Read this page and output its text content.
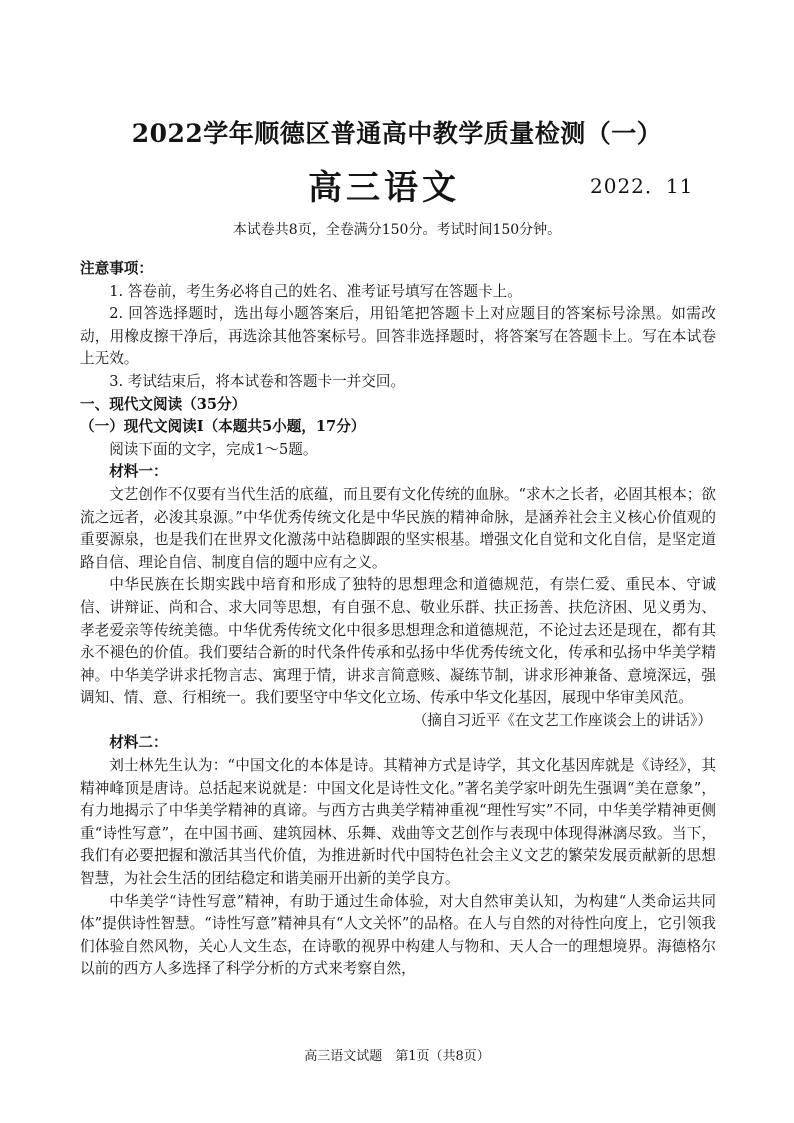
2022学年顺德区普通高中教学质量检测（一）
高三语文	2022．11
本试卷共8页，全卷满分150分。考试时间150分钟。

注意事项：

1. 答卷前，考生务必将自己的姓名、准考证号填写在答题卡上。

2. 回答选择题时，选出每小题答案后，用铅笔把答题卡上对应题目的答案标号涂黑。如需改动，用橡皮擦干净后，再选涂其他答案标号。回答非选择题时，将答案写在答题卡上。写在本试卷上无效。

3. 考试结束后，将本试卷和答题卡一并交回。

一、现代文阅读（35分）

（一）现代文阅读Ⅰ（本题共5小题，17分）

阅读下面的文字，完成1～5题。

材料一：

文艺创作不仅要有当代生活的底蕴，而且要有文化传统的血脉。“求木之长者，必固其根本；欲流之远者，必浚其泉源。”中华优秀传统文化是中华民族的精神命脉，是涵养社会主义核心价值观的重要源泉，也是我们在世界文化激荡中站稳脚跟的坚实根基。增强文化自觉和文化自信，是坚定道路自信、理论自信、制度自信的题中应有之义。

中华民族在长期实践中培育和形成了独特的思想理念和道德规范，有崇仁爱、重民本、守诚信、讲辩证、尚和合、求大同等思想，有自强不息、敬业乐群、扶正扬善、扶危济困、见义勇为、孝老爱亲等传统美德。中华优秀传统文化中很多思想理念和道德规范，不论过去还是现在，都有其永不褪色的价值。我们要结合新的时代条件传承和弘扬中华优秀传统文化，传承和弘扬中华美学精神。中华美学讲求托物言志、寓理于情，讲求言简意赅、凝练节制，讲求形神兼备、意境深远，强调知、情、意、行相统一。我们要坚守中华文化立场、传承中华文化基因，展现中华审美风范。

（摘自习近平《在文艺工作座谈会上的讲话》）

材料二：

刘士林先生认为：“中国文化的本体是诗。其精神方式是诗学，其文化基因库就是《诗经》，其精神峰顶是唐诗。总括起来说就是：中国文化是诗性文化。”著名美学家叶朗先生强调“美在意象”，有力地揭示了中华美学精神的真谛。与西方古典美学精神重视“理性写实”不同，中华美学精神更侧重“诗性写意”，在中国书画、建筑园林、乐舞、戏曲等文艺创作与表现中体现得淋漓尽致。当下，我们有必要把握和激活其当代价值，为推进新时代中国特色社会主义文艺的繁荣发展贡献新的思想智慧，为社会生活的团结稳定和谐美丽开出新的美学良方。

中华美学“诗性写意”精神，有助于通过生命体验，对大自然审美认知，为构建“人类命运共同体”提供诗性智慧。“诗性写意”精神具有“人文关怀”的品格。在人与自然的对待性向度上，它引领我们体验自然风物，关心人文生态，在诗歌的视界中构建人与物和、天人合一的理想境界。海德格尔以前的西方人多选择了科学分析的方式来考察自然，

高三语文试题　第1页（共8页）
